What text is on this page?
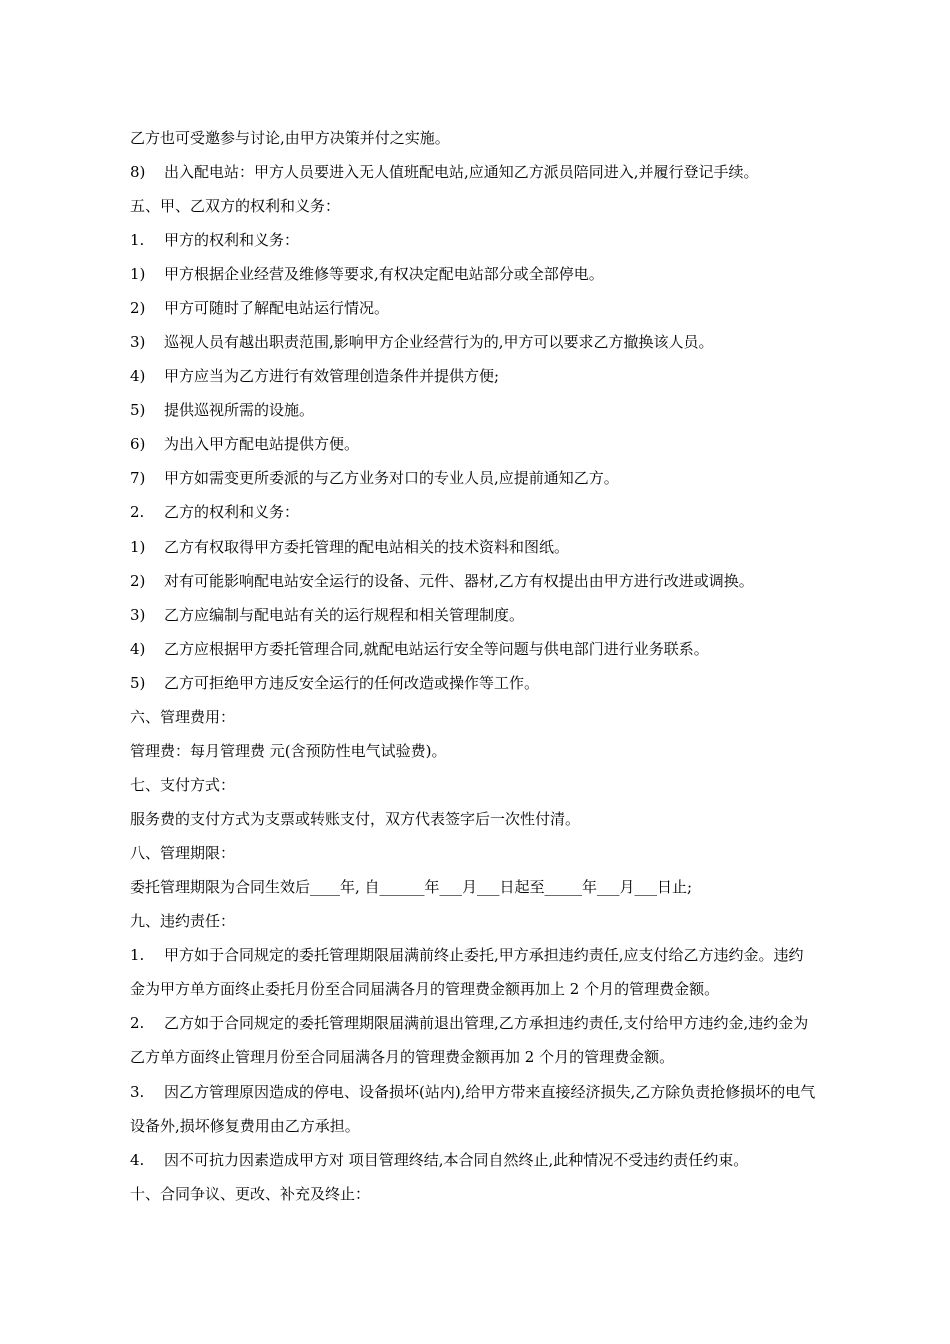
乙方也可受邀参与讨论,由甲方决策并付之实施。
8) 出入配电站：甲方人员要进入无人值班配电站,应通知乙方派员陪同进入,并履行登记手续。
五、甲、乙双方的权利和义务：
1. 甲方的权利和义务：
1) 甲方根据企业经营及维修等要求,有权决定配电站部分或全部停电。
2) 甲方可随时了解配电站运行情况。
3) 巡视人员有越出职责范围,影响甲方企业经营行为的,甲方可以要求乙方撤换该人员。
4) 甲方应当为乙方进行有效管理创造条件并提供方便;
5) 提供巡视所需的设施。
6) 为出入甲方配电站提供方便。
7) 甲方如需变更所委派的与乙方业务对口的专业人员,应提前通知乙方。
2. 乙方的权利和义务：
1) 乙方有权取得甲方委托管理的配电站相关的技术资料和图纸。
2) 对有可能影响配电站安全运行的设备、元件、器材,乙方有权提出由甲方进行改进或调换。
3) 乙方应编制与配电站有关的运行规程和相关管理制度。
4) 乙方应根据甲方委托管理合同,就配电站运行安全等问题与供电部门进行业务联系。
5) 乙方可拒绝甲方违反安全运行的任何改造或操作等工作。
六、管理费用：
管理费：每月管理费 元(含预防性电气试验费)。
七、支付方式：
服务费的支付方式为支票或转账支付，双方代表签字后一次性付清。
八、管理期限：
委托管理期限为合同生效后____年, 自______年___月___日起至_____年___月___日止;
九、违约责任：
1. 甲方如于合同规定的委托管理期限届满前终止委托,甲方承担违约责任,应支付给乙方违约金。违约
金为甲方单方面终止委托月份至合同届满各月的管理费金额再加上 2 个月的管理费金额。
2. 乙方如于合同规定的委托管理期限届满前退出管理,乙方承担违约责任,支付给甲方违约金,违约金为
乙方单方面终止管理月份至合同届满各月的管理费金额再加 2 个月的管理费金额。
3. 因乙方管理原因造成的停电、设备损坏(站内),给甲方带来直接经济损失,乙方除负责抢修损坏的电气
设备外,损坏修复费用由乙方承担。
4. 因不可抗力因素造成甲方对 项目管理终结,本合同自然终止,此种情况不受违约责任约束。
十、合同争议、更改、补充及终止：
